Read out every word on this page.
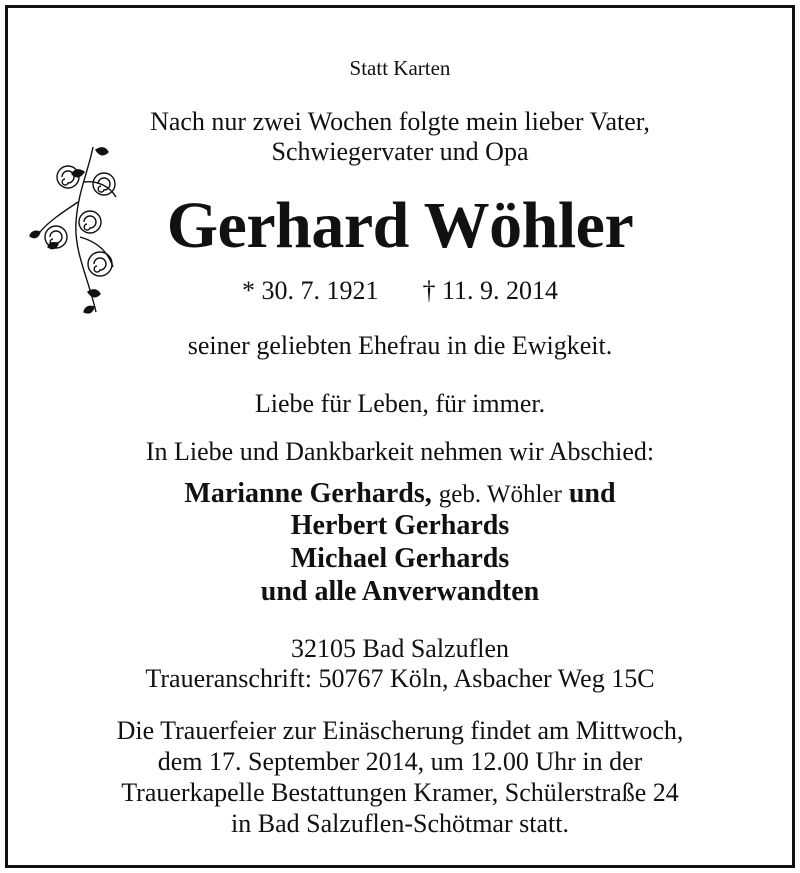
Statt Karten
Nach nur zwei Wochen folgte mein lieber Vater,
Schwiegervater und Opa
Gerhard Wöhler
* 30. 7. 1921 † 11. 9. 2014
seiner geliebten Ehefrau in die Ewigkeit.
Liebe für Leben, für immer.
In Liebe und Dankbarkeit nehmen wir Abschied:
Marianne Gerhards, geb. Wöhler und
Herbert Gerhards
Michael Gerhards
und alle Anverwandten
32105 Bad Salzuflen
Traueranschrift: 50767 Köln, Asbacher Weg 15C
Die Trauerfeier zur Einäscherung findet am Mittwoch,
dem 17. September 2014, um 12.00 Uhr in der
Trauerkapelle Bestattungen Kramer, Schülerstraße 24
in Bad Salzuflen-Schötmar statt.
